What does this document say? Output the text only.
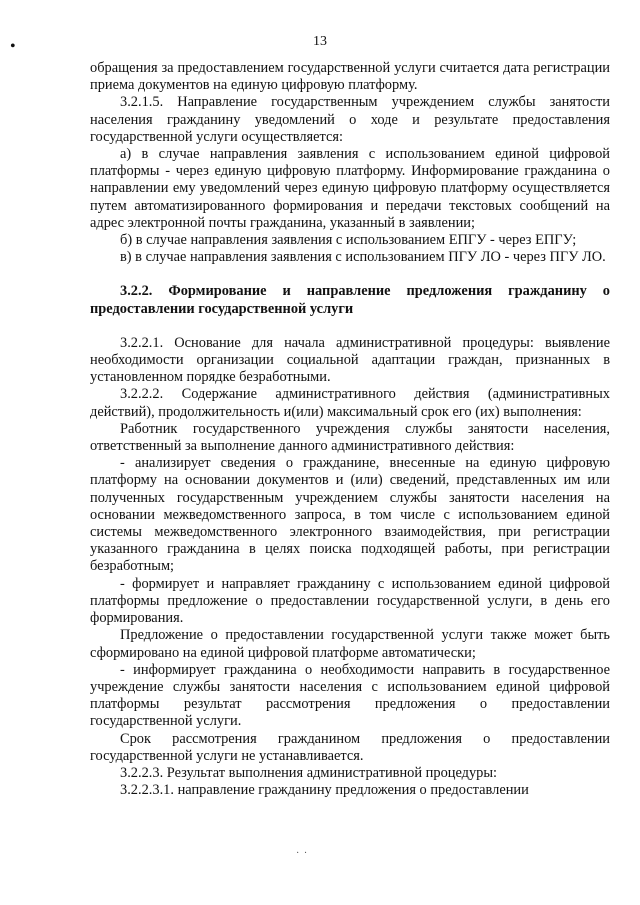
•	13

обращения за предоставлением государственной услуги считается дата регистрации приема документов на единую цифровую платформу.

3.2.1.5. Направление государственным учреждением службы занятости населения гражданину уведомлений о ходе и результате предоставления государственной услуги осуществляется:

а) в случае направления заявления с использованием единой цифровой платформы - через единую цифровую платформу. Информирование гражданина о направлении ему уведомлений через единую цифровую платформу осуществляется путем автоматизированного формирования и передачи текстовых сообщений на адрес электронной почты гражданина, указанный в заявлении;

б) в случае направления заявления с использованием ЕПГУ - через ЕПГУ;

в) в случае направления заявления с использованием ПГУ ЛО - через ПГУ ЛО.

3.2.2. Формирование и направление предложения гражданину о предоставлении государственной услуги

3.2.2.1. Основание для начала административной процедуры: выявление необходимости организации социальной адаптации граждан, признанных в установленном порядке безработными.

3.2.2.2. Содержание административного действия (административных действий), продолжительность и(или) максимальный срок его (их) выполнения:

Работник государственного учреждения службы занятости населения, ответственный за выполнение данного административного действия:

- анализирует сведения о гражданине, внесенные на единую цифровую платформу на основании документов и (или) сведений, представленных им или полученных государственным учреждением службы занятости населения на основании межведомственного запроса, в том числе с использованием единой системы межведомственного электронного взаимодействия, при регистрации указанного гражданина в целях поиска подходящей работы, при регистрации безработным;

- формирует и направляет гражданину с использованием единой цифровой платформы предложение о предоставлении государственной услуги, в день его формирования.

Предложение о предоставлении государственной услуги также может быть сформировано на единой цифровой платформе автоматически;

- информирует гражданина о необходимости направить в государственное учреждение службы занятости населения с использованием единой цифровой платформы результат рассмотрения предложения о предоставлении государственной услуги.

Срок рассмотрения гражданином предложения о предоставлении государственной услуги не устанавливается.

3.2.2.3. Результат выполнения административной процедуры:

3.2.2.3.1. направление гражданину предложения о предоставлении

· ·
